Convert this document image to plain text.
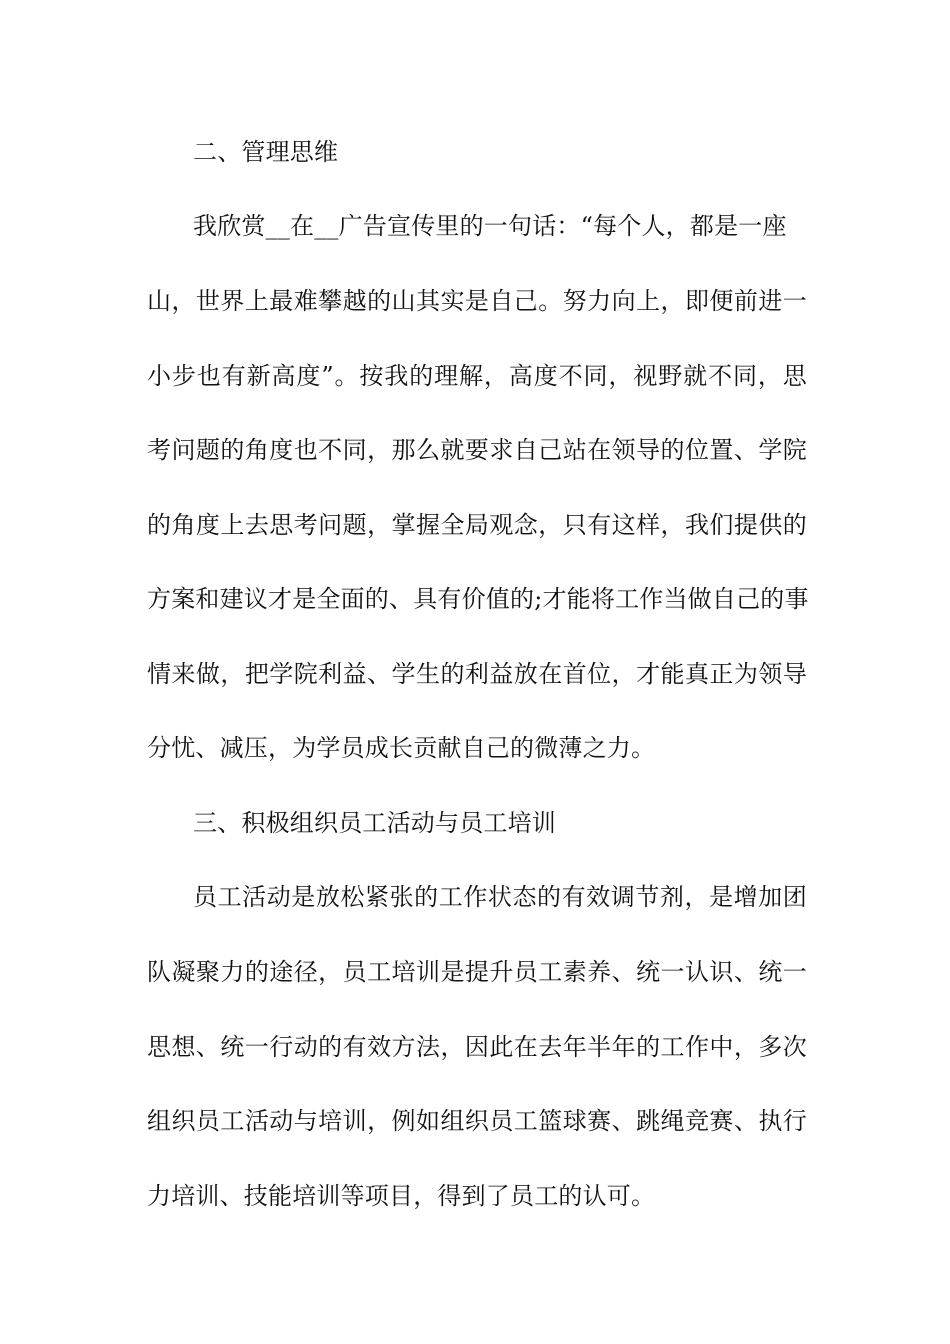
二、管理思维
我欣赏__在__广告宣传里的一句话：“每个人，都是一座
山，世界上最难攀越的山其实是自己。努力向上，即便前进一
小步也有新高度”。按我的理解，高度不同，视野就不同，思
考问题的角度也不同，那么就要求自己站在领导的位置、学院
的角度上去思考问题，掌握全局观念，只有这样，我们提供的
方案和建议才是全面的、具有价值的;才能将工作当做自己的事
情来做，把学院利益、学生的利益放在首位，才能真正为领导
分忧、减压，为学员成长贡献自己的微薄之力。
三、积极组织员工活动与员工培训
员工活动是放松紧张的工作状态的有效调节剂，是增加团
队凝聚力的途径，员工培训是提升员工素养、统一认识、统一
思想、统一行动的有效方法，因此在去年半年的工作中，多次
组织员工活动与培训，例如组织员工篮球赛、跳绳竞赛、执行
力培训、技能培训等项目，得到了员工的认可。
